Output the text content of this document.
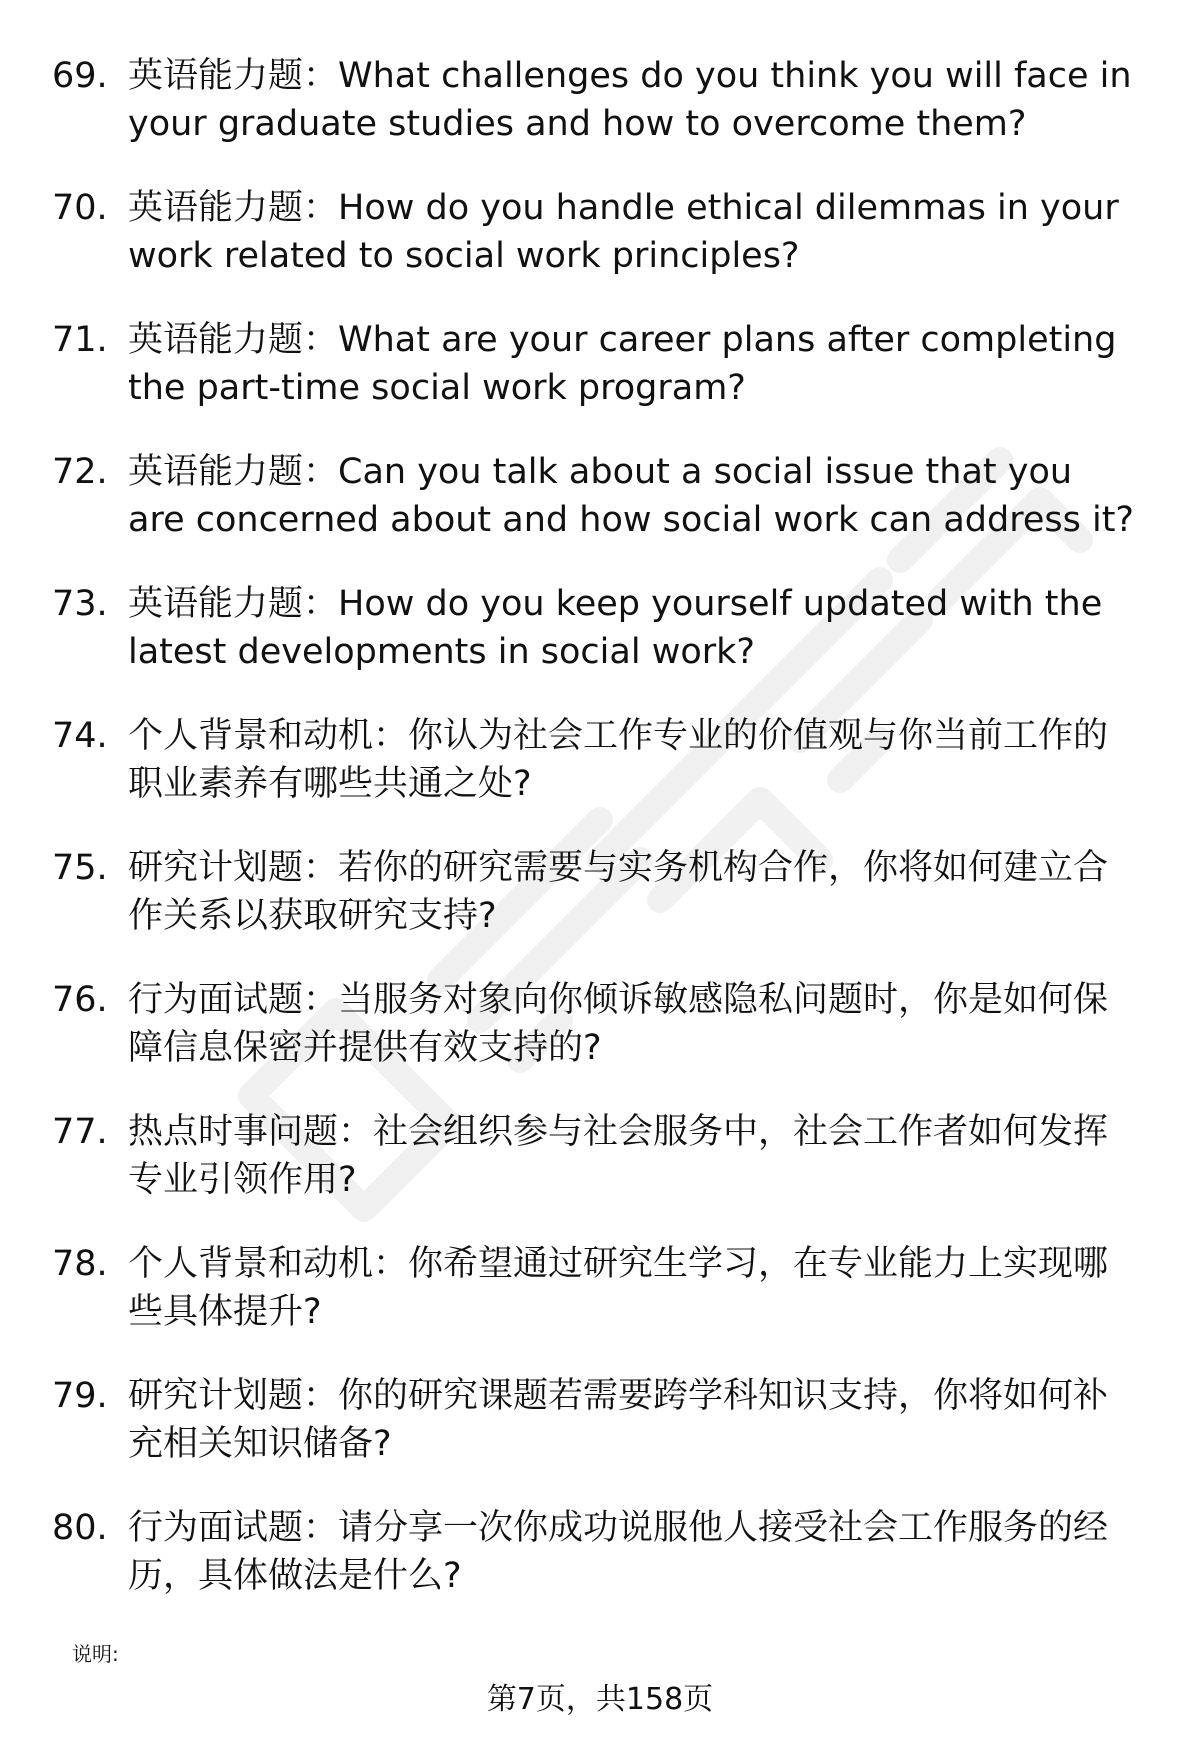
69. 英语能力题：What challenges do you think you will face in your graduate studies and how to overcome them?
70. 英语能力题：How do you handle ethical dilemmas in your work related to social work principles?
71. 英语能力题：What are your career plans after completing the part-time social work program?
72. 英语能力题：Can you talk about a social issue that you are concerned about and how social work can address it?
73. 英语能力题：How do you keep yourself updated with the latest developments in social work?
74. 个人背景和动机：你认为社会工作专业的价值观与你当前工作的职业素养有哪些共通之处?
75. 研究计划题：若你的研究需要与实务机构合作，你将如何建立合作关系以获取研究支持?
76. 行为面试题：当服务对象向你倾诉敏感隐私问题时，你是如何保障信息保密并提供有效支持的?
77. 热点时事问题：社会组织参与社会服务中，社会工作者如何发挥专业引领作用?
78. 个人背景和动机：你希望通过研究生学习，在专业能力上实现哪些具体提升?
79. 研究计划题：你的研究课题若需要跨学科知识支持，你将如何补充相关知识储备?
80. 行为面试题：请分享一次你成功说服他人接受社会工作服务的经历，具体做法是什么?
说明:
第7页，共158页
